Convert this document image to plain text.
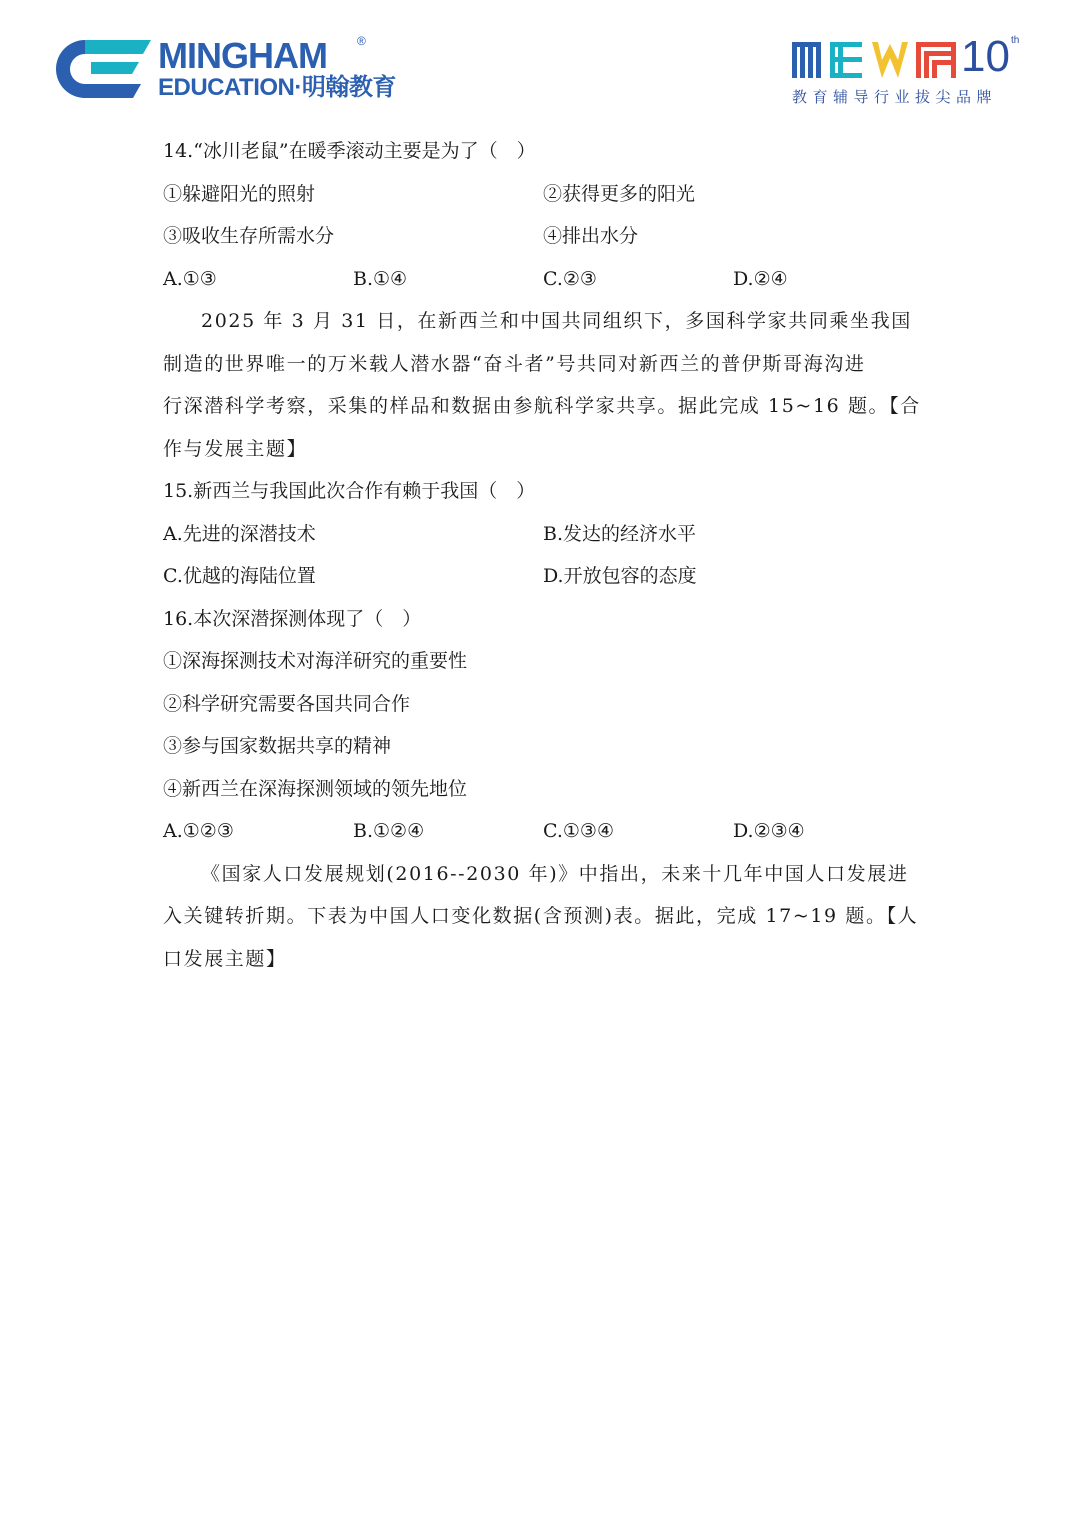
MINGHAM	®
EDUCATION·明翰教育
10 th
教育辅导行业拔尖品牌
14.“冰川老鼠”在暖季滚动主要是为了（　）
①躲避阳光的照射	②获得更多的阳光
③吸收生存所需水分	④排出水分
A.①③	B.①④	C.②③	D.②④
2025 年 3 月 31 日，在新西兰和中国共同组织下，多国科学家共同乘坐我国
制造的世界唯一的万米载人潜水器“奋斗者”号共同对新西兰的普伊斯哥海沟进
行深潜科学考察，采集的样品和数据由参航科学家共享。据此完成 15~16 题。【合
作与发展主题】
15.新西兰与我国此次合作有赖于我国（　）
A.先进的深潜技术	B.发达的经济水平
C.优越的海陆位置	D.开放包容的态度
16.本次深潜探测体现了（　）
①深海探测技术对海洋研究的重要性
②科学研究需要各国共同合作
③参与国家数据共享的精神
④新西兰在深海探测领域的领先地位
A.①②③	B.①②④	C.①③④	D.②③④
《国家人口发展规划(2016--2030 年)》中指出，未来十几年中国人口发展进
入关键转折期。下表为中国人口变化数据(含预测)表。据此，完成 17~19 题。【人
口发展主题】
